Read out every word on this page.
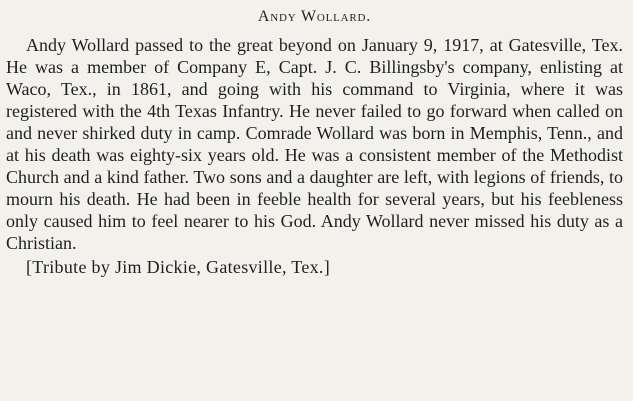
Andy Wollard.

Andy Wollard passed to the great beyond on January 9, 1917, at Gatesville, Tex. He was a member of Company E, Capt. J. C. Billingsby's company, enlisting at Waco, Tex., in 1861, and going with his command to Virginia, where it was registered with the 4th Texas Infantry. He never failed to go forward when called on and never shirked duty in camp. Comrade Wollard was born in Memphis, Tenn., and at his death was eighty-six years old. He was a consistent member of the Methodist Church and a kind father. Two sons and a daughter are left, with legions of friends, to mourn his death. He had been in feeble health for several years, but his feebleness only caused him to feel nearer to his God. Andy Wollard never missed his duty as a Christian.

[Tribute by Jim Dickie, Gatesville, Tex.]
